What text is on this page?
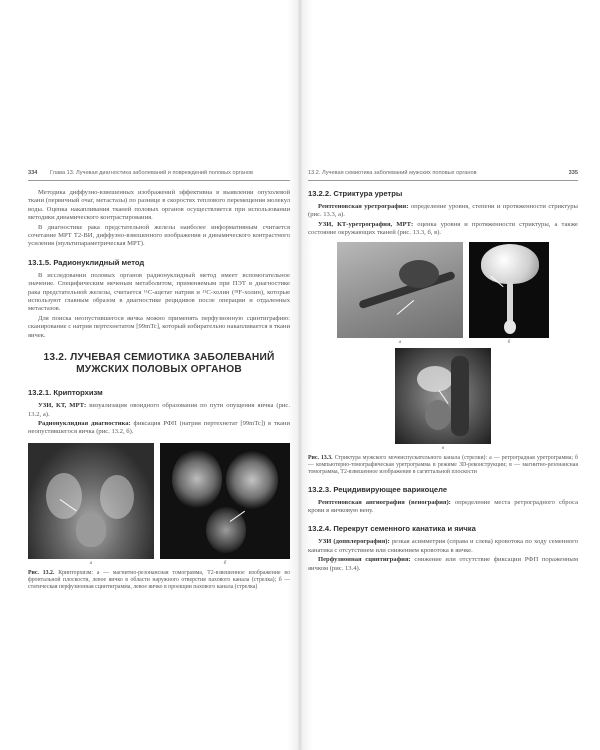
334 Глава 13. Лучевая диагностика заболеваний и повреждений половых органов

Методика диффузно-взвешенных изображений эффективна в выявлении опухолевой ткани (первичный очаг, метастазы) по разнице в скоростях теплового перемещения молекул воды. Оценка накапливания тканей половых органов осуществляется при использовании методики динамического контрастирования.

В диагностике рака предстательной железы наиболее информативным считается сочетание МРТ Т2-ВИ, диффузно-взвешенного изображения и динамического контрастного усиления (мультипараметрическая МРТ).

13.1.5. Радионуклидный метод

В исследовании половых органов радионуклидный метод имеет вспомогательное значение. Специфическим меченым метаболитом, применяемым при ПЭТ в диагностике рака предстательной железы, считается ¹¹С-ацетат натрия и ¹¹С-холин (¹⁸F-холин), которые используют главным образом в диагностике рецидивов после операции и отдаленных метастазов.

Для поиска неопустившегося яичка можно применять перфузионную сцинтиграфию: сканирование с натрия пертехнетатом [99mTc], который избирательно накапливается в ткани яичек.

13.2. ЛУЧЕВАЯ СЕМИОТИКА ЗАБОЛЕВАНИЙ
МУЖСКИХ ПОЛОВЫХ ОРГАНОВ
13.2.1. Крипторхизм

УЗИ, КТ, МРТ: визуализация овоидного образования по пути опущения яичка (рис. 13.2, а).

Радионуклидная диагностика: фиксация РФП (натрия пертехнетат [99mTc]) в ткани неопустившегося яичка (рис. 13.2, б).

а	б

Рис. 13.2. Крипторхизм: а — магнитно-резонансная томограмма, Т2-взвешенное изображение во фронтальной плоскости, левое яичко в области наружного отверстия пахового канала (стрелка); б — статическая перфузионная сцинтиграмма, левое яичко в проекции пахового канала (стрелка)

13.2. Лучевая семиотика заболеваний мужских половых органов	335
13.2.2. Стриктура уретры

Рентгеновская уретрография: определение уровня, степени и протяженности стриктуры (рис. 13.3, а).

УЗИ, КТ-уретрография, МРТ: оценка уровня и протяженности стриктуры, а также состояние окружающих тканей (рис. 13.3, б, в).

а	б
в

Рис. 13.3. Стриктура мужского мочеиспускательного канала (стрелки): а — ретроградная уретрограмма; б — компьютерно-томографическая уретрограмма в режиме 3D-реконструкции; в — магнитно-резонансная томограмма, Т2-взвешенное изображение в сагиттальной плоскости

13.2.3. Рецидивирующее варикоцеле

Рентгеновская ангиография (венография): определение места ретроградного сброса крови в яичковую вену.

13.2.4. Перекрут семенного канатика и яичка

УЗИ (допплерография): резкая асимметрия (справа и слева) кровотока по ходу семенного канатика с отсутствием или снижением кровотока в яичке.

Перфузионная сцинтиграфия: снижение или отсутствие фиксации РФП пораженным яичком (рис. 13.4).
